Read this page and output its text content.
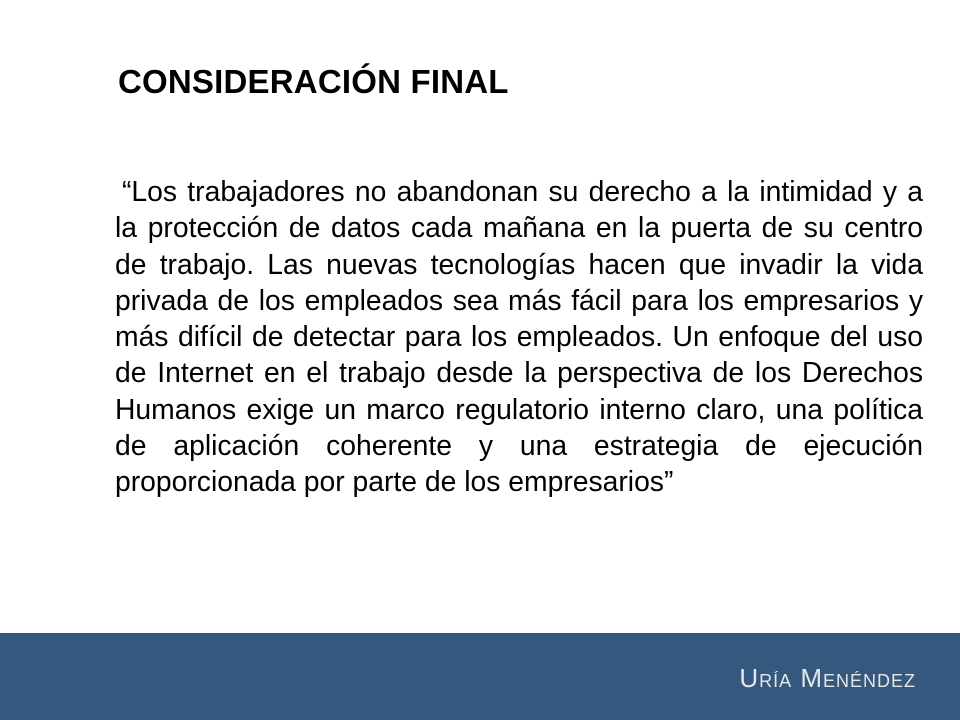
CONSIDERACIÓN FINAL

“Los trabajadores no abandonan su derecho a la intimidad y a la protección de datos cada mañana en la puerta de su centro de trabajo. Las nuevas tecnologías hacen que invadir la vida privada de los empleados sea más fácil para los empresarios y más difícil de detectar para los empleados. Un enfoque del uso de Internet en el trabajo desde la perspectiva de los Derechos Humanos exige un marco regulatorio interno claro, una política de aplicación coherente y una estrategia de ejecución proporcionada por parte de los empresarios”

Uría Menéndez
